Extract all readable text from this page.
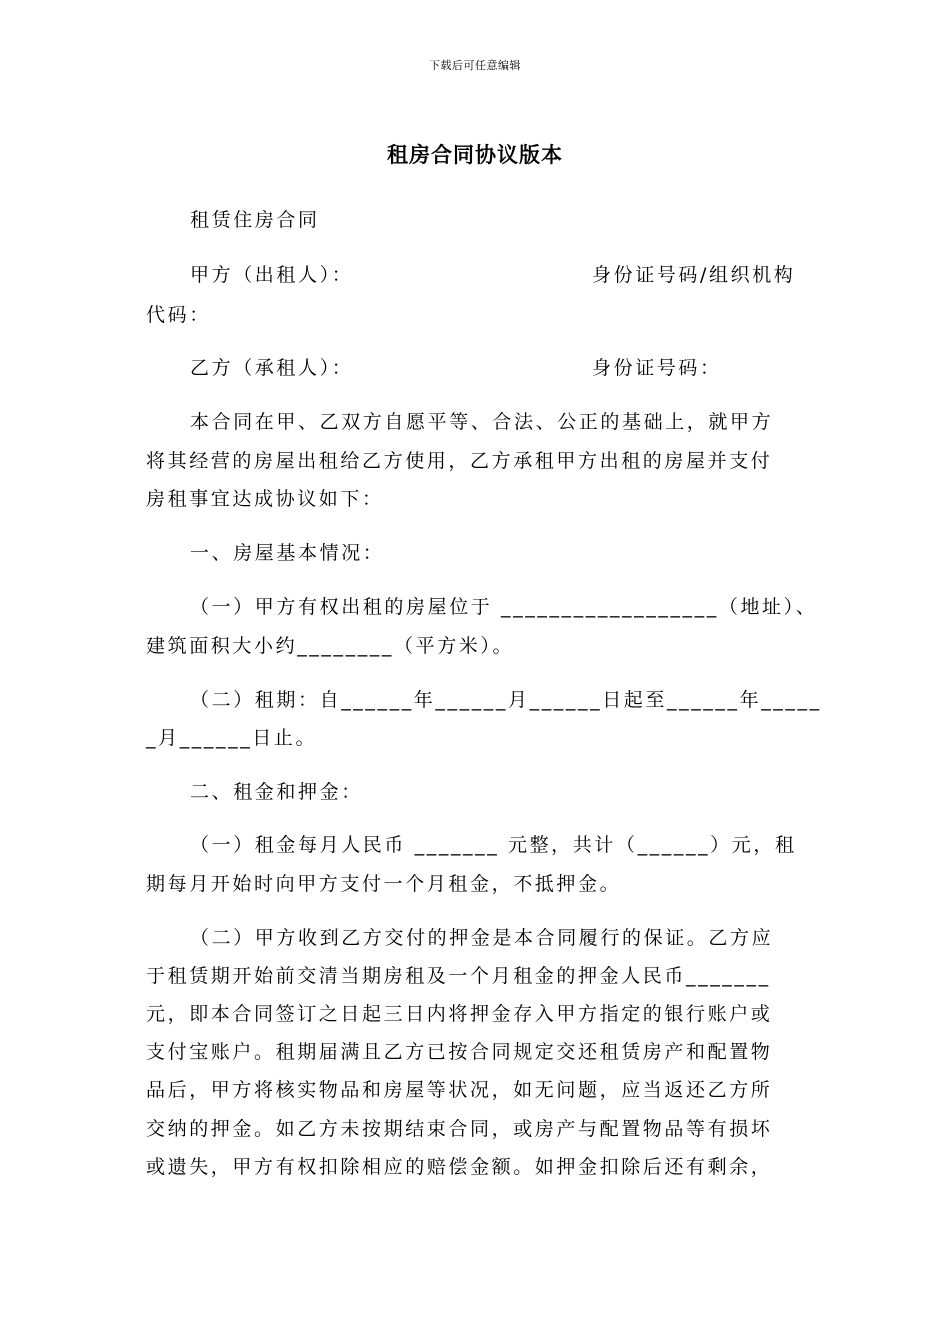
下载后可任意编辑
租房合同协议版本
租赁住房合同
甲方（出租人）：	身份证号码/组织机构
代码：
乙方（承租人）：	身份证号码：
本合同在甲、乙双方自愿平等、合法、公正的基础上，就甲方
将其经营的房屋出租给乙方使用，乙方承租甲方出租的房屋并支付
房租事宜达成协议如下：
一、房屋基本情况：
（一）甲方有权出租的房屋位于 __________________（地址）、
建筑面积大小约________（平方米）。
（二）租期：自______年______月______日起至______年_____
_月______日止。
二、租金和押金：
（一）租金每月人民币 _______ 元整，共计（______）元，租
期每月开始时向甲方支付一个月租金，不抵押金。
（二）甲方收到乙方交付的押金是本合同履行的保证。乙方应
于租赁期开始前交清当期房租及一个月租金的押金人民币_______
元，即本合同签订之日起三日内将押金存入甲方指定的银行账户或
支付宝账户。租期届满且乙方已按合同规定交还租赁房产和配置物
品后，甲方将核实物品和房屋等状况，如无问题，应当返还乙方所
交纳的押金。如乙方未按期结束合同，或房产与配置物品等有损坏
或遗失，甲方有权扣除相应的赔偿金额。如押金扣除后还有剩余，
